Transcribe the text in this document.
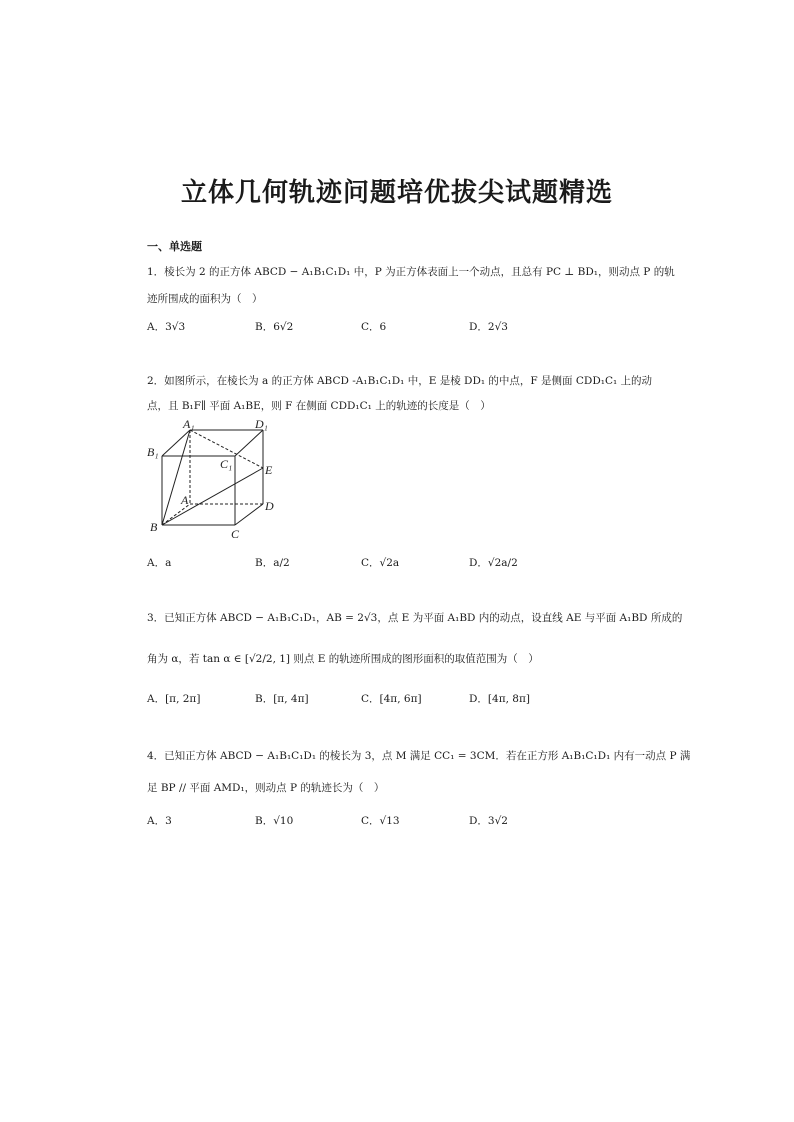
立体几何轨迹问题培优拔尖试题精选
一、单选题
1．棱长为 2 的正方体 ABCD − A₁B₁C₁D₁ 中，P 为正方体表面上一个动点，且总有 PC ⊥ BD₁，则动点 P 的轨
迹所围成的面积为（　）
A．3√3	B．6√2	C．6	D．2√3
2．如图所示，在棱长为 a 的正方体 ABCD -A₁B₁C₁D₁ 中，E 是棱 DD₁ 的中点，F 是侧面 CDD₁C₁ 上的动
点，且 B₁F∥ 平面 A₁BE，则 F 在侧面 CDD₁C₁ 上的轨迹的长度是（　）
A₁	D₁
B₁
C₁	E
A	D
B	C
A．a	B．a/2	C．√2a	D．√2a/2
3．已知正方体 ABCD − A₁B₁C₁D₁，AB = 2√3，点 E 为平面 A₁BD 内的动点，设直线 AE 与平面 A₁BD 所成的
角为 α，若 tan α ∈ [√2/2, 1] 则点 E 的轨迹所围成的图形面积的取值范围为（　）
A．[π, 2π]	B．[π, 4π]	C．[4π, 6π]	D．[4π, 8π]
4．已知正方体 ABCD − A₁B₁C₁D₁ 的棱长为 3，点 M 满足 CC₁ = 3CM．若在正方形 A₁B₁C₁D₁ 内有一动点 P 满
足 BP // 平面 AMD₁，则动点 P 的轨迹长为（　）
A．3	B．√10	C．√13	D．3√2
